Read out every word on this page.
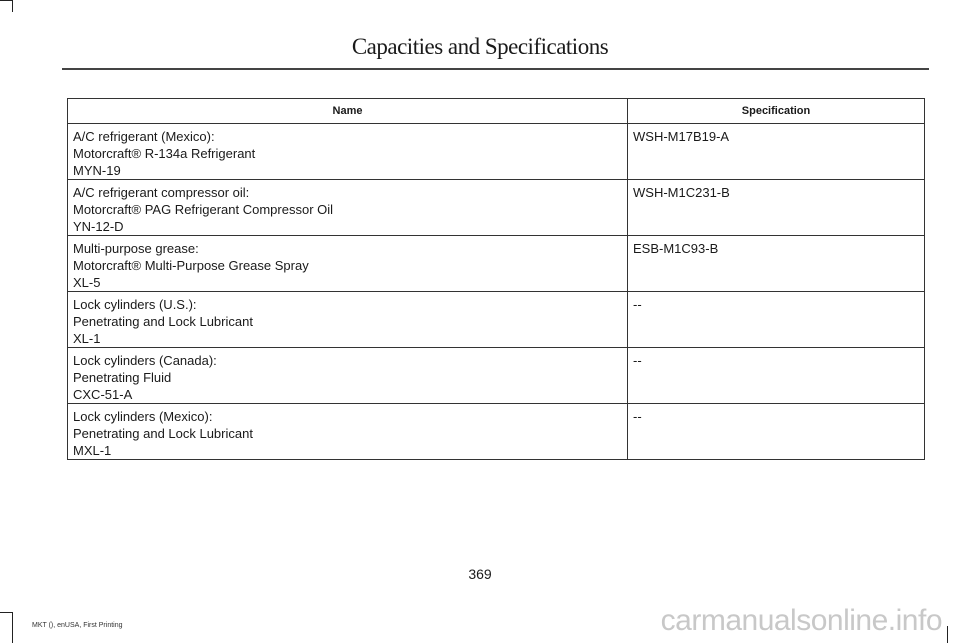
Capacities and Specifications
Name	Specification

A/C refrigerant (Mexico):
Motorcraft® R-134a Refrigerant
MYN-19	WSH-M17B19-A

A/C refrigerant compressor oil:
Motorcraft® PAG Refrigerant Compressor Oil
YN-12-D	WSH-M1C231-B

Multi-purpose grease:
Motorcraft® Multi-Purpose Grease Spray
XL-5	ESB-M1C93-B

Lock cylinders (U.S.):
Penetrating and Lock Lubricant
XL-1	--

Lock cylinders (Canada):
Penetrating Fluid
CXC-51-A	--

Lock cylinders (Mexico):
Penetrating and Lock Lubricant
MXL-1	--
369
MKT (), enUSA, First Printing	carmanualsonline.info
